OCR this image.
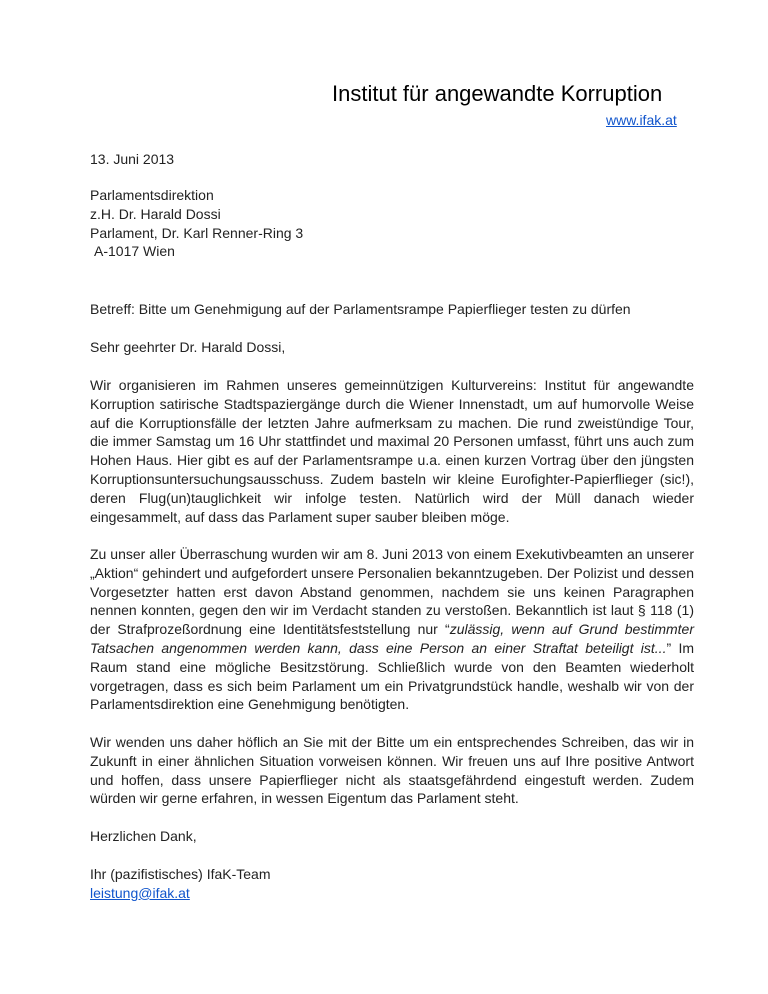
Institut für angewandte Korruption
www.ifak.at
13. Juni 2013
Parlamentsdirektion
z.H. Dr. Harald Dossi
Parlament, Dr. Karl Renner-Ring 3
A-1017 Wien
Betreff: Bitte um Genehmigung auf der Parlamentsrampe Papierflieger testen zu dürfen
Sehr geehrter Dr. Harald Dossi,

Wir organisieren im Rahmen unseres gemeinnützigen Kulturvereins: Institut für angewandte Korruption satirische Stadtspaziergänge durch die Wiener Innenstadt, um auf humorvolle Weise auf die Korruptionsfälle der letzten Jahre aufmerksam zu machen. Die rund zweistündige Tour, die immer Samstag um 16 Uhr stattfindet und maximal 20 Personen umfasst, führt uns auch zum Hohen Haus. Hier gibt es auf der Parlamentsrampe u.a. einen kurzen Vortrag über den jüngsten Korruptionsuntersuchungsausschuss. Zudem basteln wir kleine Eurofighter-Papierflieger (sic!), deren Flug(un)tauglichkeit wir infolge testen. Natürlich wird der Müll danach wieder eingesammelt, auf dass das Parlament super sauber bleiben möge.

Zu unser aller Überraschung wurden wir am 8. Juni 2013 von einem Exekutivbeamten an unserer „Aktion“ gehindert und aufgefordert unsere Personalien bekanntzugeben. Der Polizist und dessen Vorgesetzter hatten erst davon Abstand genommen, nachdem sie uns keinen Paragraphen nennen konnten, gegen den wir im Verdacht standen zu verstoßen. Bekanntlich ist laut § 118 (1) der Strafprozeßordnung eine Identitätsfeststellung nur “zulässig, wenn auf Grund bestimmter Tatsachen angenommen werden kann, dass eine Person an einer Straftat beteiligt ist...” Im Raum stand eine mögliche Besitzstörung. Schließlich wurde von den Beamten wiederholt vorgetragen, dass es sich beim Parlament um ein Privatgrundstück handle, weshalb wir von der Parlamentsdirektion eine Genehmigung benötigten.

Wir wenden uns daher höflich an Sie mit der Bitte um ein entsprechendes Schreiben, das wir in Zukunft in einer ähnlichen Situation vorweisen können. Wir freuen uns auf Ihre positive Antwort und hoffen, dass unsere Papierflieger nicht als staatsgefährdend eingestuft werden. Zudem würden wir gerne erfahren, in wessen Eigentum das Parlament steht.

Herzlichen Dank,
Ihr (pazifistisches) IfaK-Team
leistung@ifak.at
